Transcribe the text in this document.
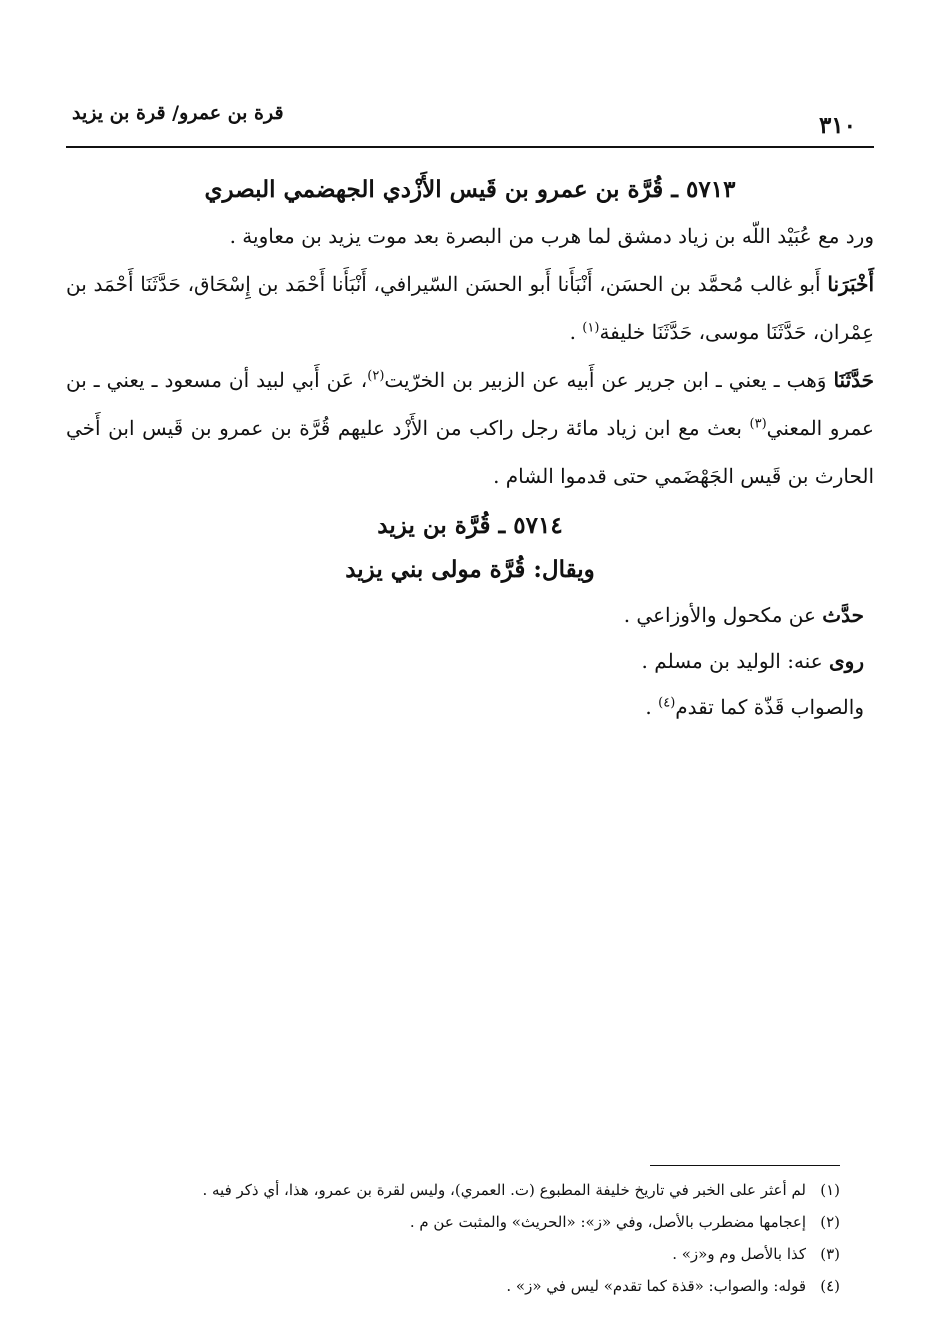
٣١٠
قرة بن عمرو/ قرة بن يزيد
٥٧١٣ ـ قُرَّة بن عمرو بن قَيس الأَزْدي الجهضمي البصري

ورد مع عُبَيْد اللّه بن زياد دمشق لما هرب من البصرة بعد موت يزيد بن معاوية .

أَخْبَرَنا أَبو غالب مُحمَّد بن الحسَن، أَنْبَأَنا أَبو الحسَن السّيرافي، أَنْبَأَنا أَحْمَد بن إِسْحَاق، حَدَّثَنَا أَحْمَد بن عِمْران، حَدَّثَنَا موسى، حَدَّثَنَا خليفة$^{(١)}$ .

حَدَّثَنَا وَهب ـ يعني ـ ابن جرير عن أَبيه عن الزبير بن الخرّيت$^{(٢)}$، عَن أَبي لبيد أن مسعود ـ يعني ـ بن عمرو المعني$^{(٣)}$ بعث مع ابن زياد مائة رجل راكب من الأَزْد عليهم قُرَّة بن عمرو بن قَيس ابن أَخي الحارث بن قَيس الجَهْضَمي حتى قدموا الشام .

٥٧١٤ ـ قُرَّة بن يزيد
ويقال: قُرَّة مولى بني يزيد

حدَّث عن مكحول والأوزاعي .

روى عنه: الوليد بن مسلم .

والصواب قَذّة كما تقدم$^{(٤)}$ .

(١)لم أعثر على الخبر في تاريخ خليفة المطبوع (ت. العمري)، وليس لقرة بن عمرو، هذا، أي ذكر فيه .

(٢)إعجامها مضطرب بالأصل، وفي «ز»: «الحريث» والمثبت عن م .

(٣)كذا بالأصل وم و«ز» .

(٤)قوله: والصواب: «قذة كما تقدم» ليس في «ز» .
